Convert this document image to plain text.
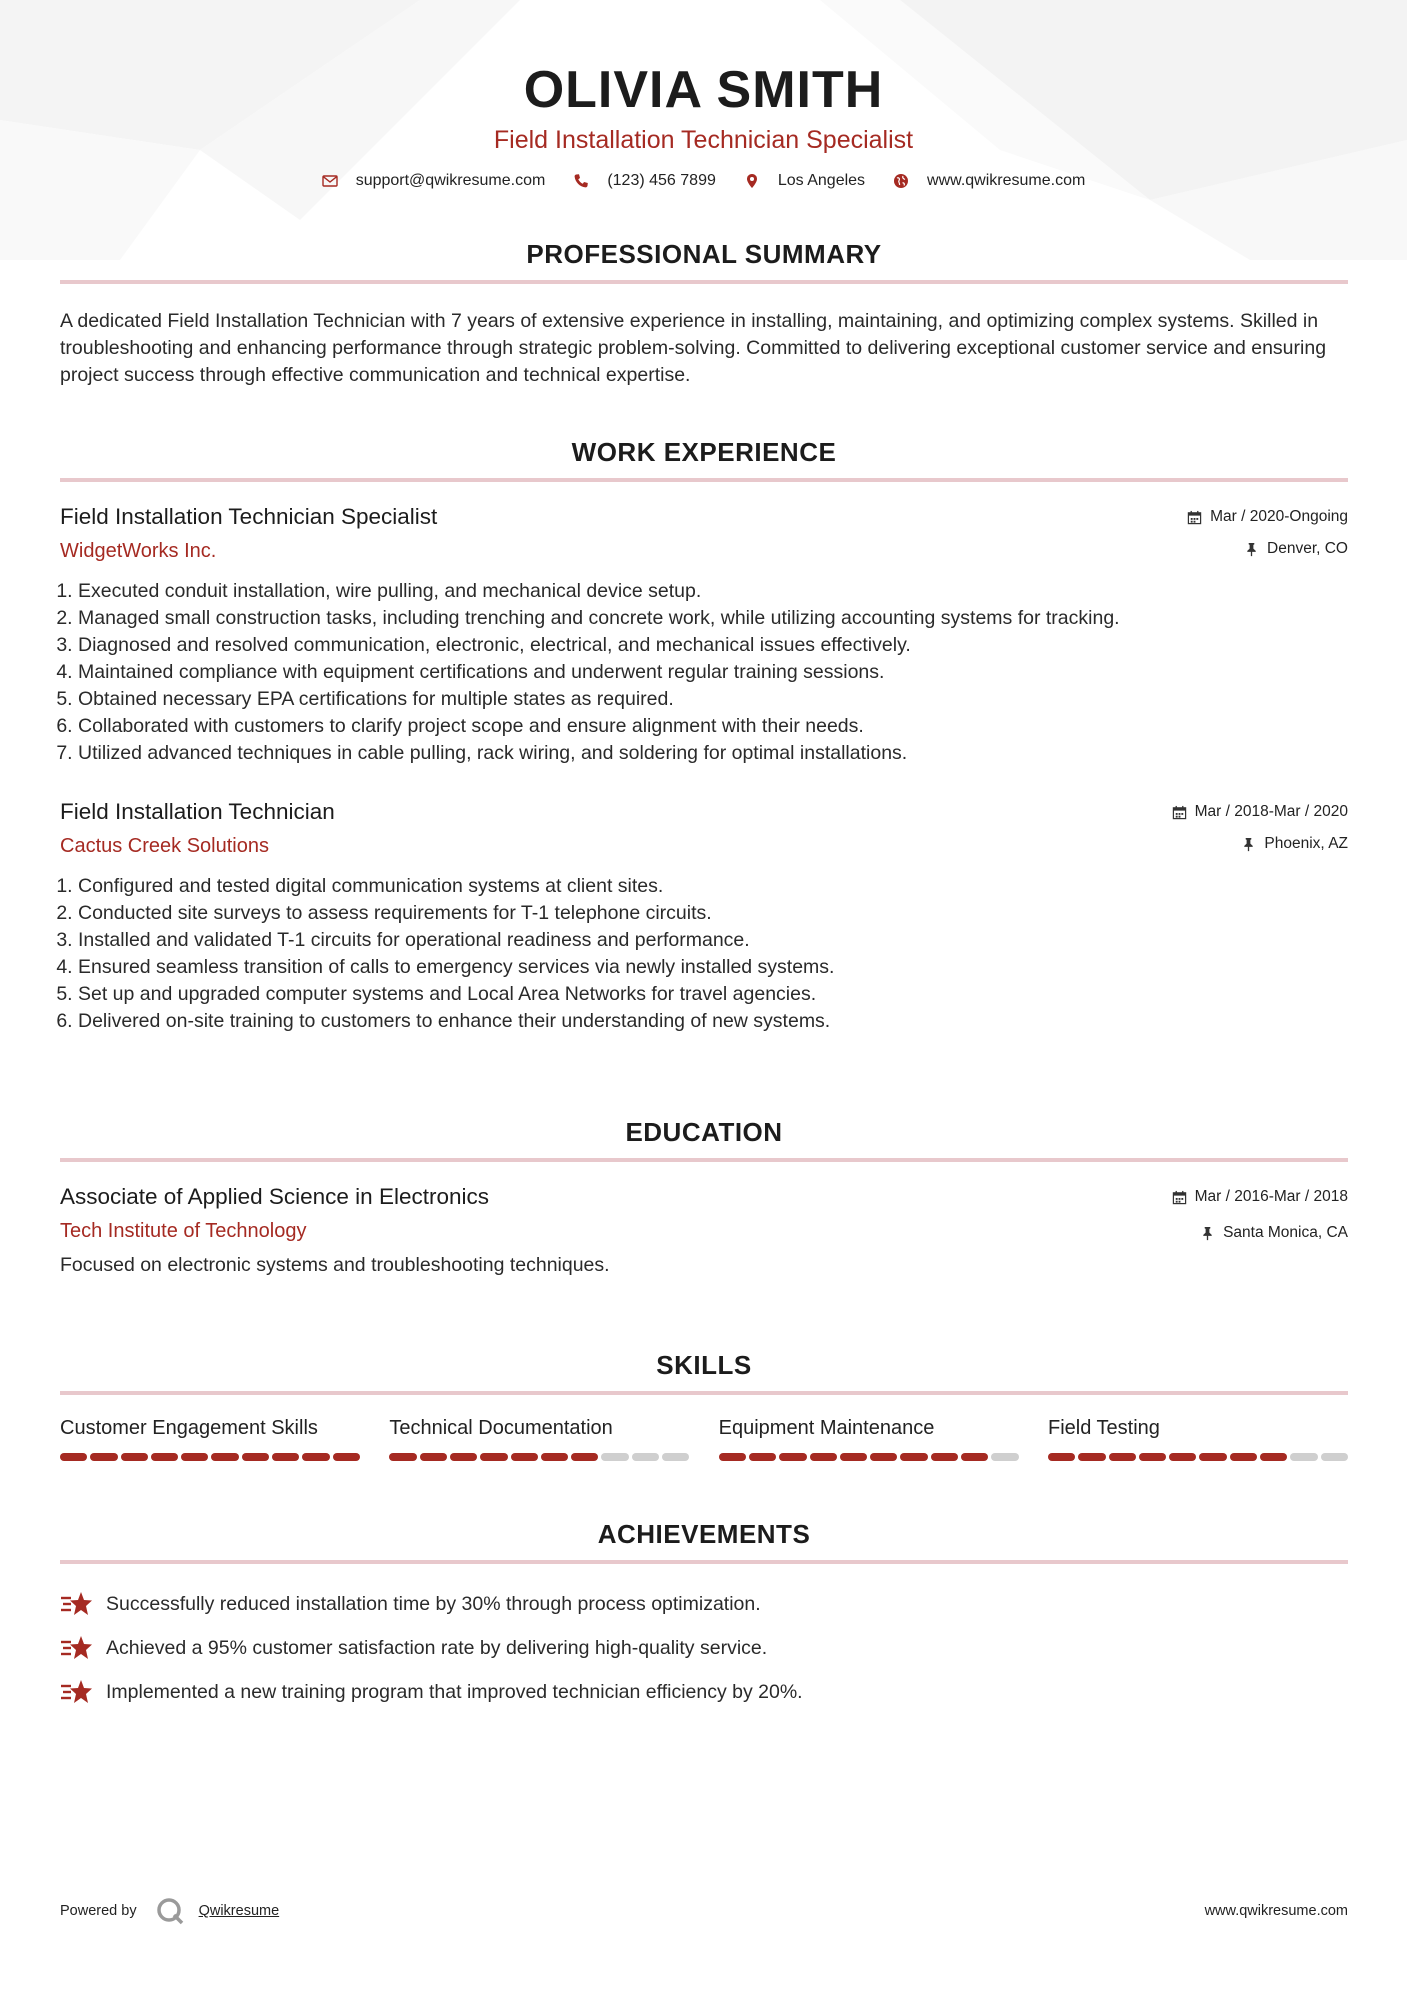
OLIVIA SMITH
Field Installation Technician Specialist
support@qwikresume.com	(123) 456 7899	Los Angeles	www.qwikresume.com
PROFESSIONAL SUMMARY
A dedicated Field Installation Technician with 7 years of extensive experience in installing, maintaining, and optimizing complex systems. Skilled in troubleshooting and enhancing performance through strategic problem-solving. Committed to delivering exceptional customer service and ensuring project success through effective communication and technical expertise.
WORK EXPERIENCE
Field Installation Technician Specialist
WidgetWorks Inc.
Mar / 2020-Ongoing
Denver, CO
1. Executed conduit installation, wire pulling, and mechanical device setup.
2. Managed small construction tasks, including trenching and concrete work, while utilizing accounting systems for tracking.
3. Diagnosed and resolved communication, electronic, electrical, and mechanical issues effectively.
4. Maintained compliance with equipment certifications and underwent regular training sessions.
5. Obtained necessary EPA certifications for multiple states as required.
6. Collaborated with customers to clarify project scope and ensure alignment with their needs.
7. Utilized advanced techniques in cable pulling, rack wiring, and soldering for optimal installations.
Field Installation Technician
Cactus Creek Solutions
Mar / 2018-Mar / 2020
Phoenix, AZ
1. Configured and tested digital communication systems at client sites.
2. Conducted site surveys to assess requirements for T-1 telephone circuits.
3. Installed and validated T-1 circuits for operational readiness and performance.
4. Ensured seamless transition of calls to emergency services via newly installed systems.
5. Set up and upgraded computer systems and Local Area Networks for travel agencies.
6. Delivered on-site training to customers to enhance their understanding of new systems.
EDUCATION
Associate of Applied Science in Electronics
Tech Institute of Technology
Mar / 2016-Mar / 2018
Santa Monica, CA
Focused on electronic systems and troubleshooting techniques.
SKILLS
Customer Engagement Skills	Technical Documentation	Equipment Maintenance	Field Testing
ACHIEVEMENTS
Successfully reduced installation time by 30% through process optimization.
Achieved a 95% customer satisfaction rate by delivering high-quality service.
Implemented a new training program that improved technician efficiency by 20%.
Powered by	Qwikresume	www.qwikresume.com
